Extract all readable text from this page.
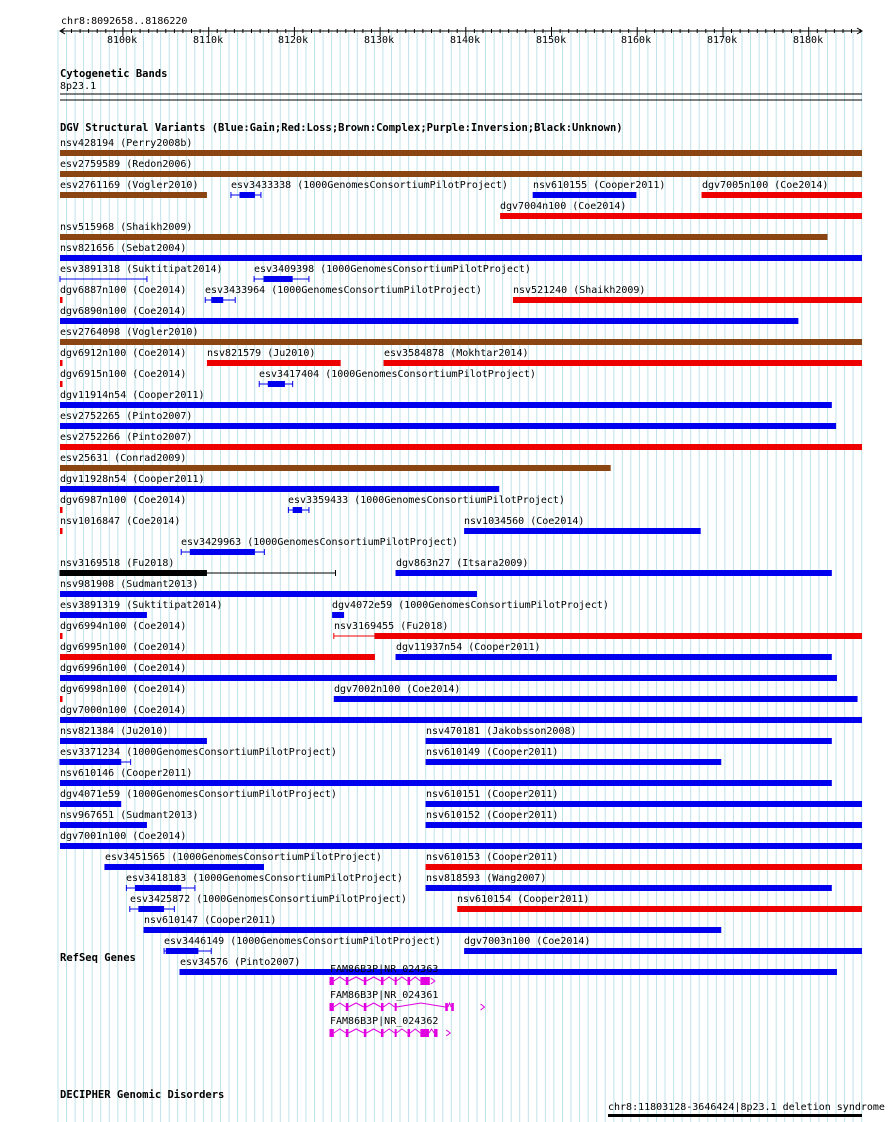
chr8:8092658..8186220
8100k	8110k	8120k	8130k	8140k	8150k	8160k	8170k	8180k
Cytogenetic Bands
8p23.1
DGV Structural Variants (Blue:Gain;Red:Loss;Brown:Complex;Purple:Inversion;Black:Unknown)
nsv428194 (Perry2008b)
esv2759589 (Redon2006)
esv2761169 (Vogler2010)	esv3433338 (1000GenomesConsortiumPilotProject)
dgv7004n100 (Coe2014)
nsv515968 (Shaikh2009)
nsv821656 (Sebat2004)
esv3891318 (Suktitipat2014)	esv3409398 (1000GenomesConsortiumPilotProject)
nsv610155 (Cooper2011)	dgv7005n100 (Coe2014)
dgv6887n100 (Coe2014) esv3433964 (1000GenomesConsortiumPilotProject)	nsv521240 (Shaikh2009)
dgv6890n100 (Coe2014)
esv2764098 (Vogler2010)
dgv6912n100 (Coe2014) nsv821579 (Ju2010)	esv3584878 (Mokhtar2014)
dgv6915n100 (Coe2014)	esv3417404 (1000GenomesConsortiumPilotProject)
dgv11914n54 (Cooper2011)
esv2752265 (Pinto2007)
esv2752266 (Pinto2007)
esv25631 (Conrad2009)
dgv11928n54 (Cooper2011)
dgv6987n100 (Coe2014)	esv3359433 (1000GenomesConsortiumPilotProject)
nsv1016847 (Coe2014)
esv3429963 (1000GenomesConsortiumPilotProject)
nsv1034560 (Coe2014)
nsv3169518 (Fu2018)	dgv863n27 (Itsara2009)
nsv981908 (Sudmant2013)
esv3891319 (Suktitipat2014)	dgv4072e59 (1000GenomesConsortiumPilotProject)
dgv6994n100 (Coe2014)	nsv3169455 (Fu2018)
dgv6995n100 (Coe2014)	dgv11937n54 (Cooper2011)
dgv6996n100 (Coe2014)
dgv6998n100 (Coe2014)	dgv7002n100 (Coe2014)
dgv7000n100 (Coe2014)
nsv821384 (Ju2010)	nsv470181 (Jakobsson2008)
esv3371234 (1000GenomesConsortiumPilotProject)	nsv610149 (Cooper2011)
nsv610146 (Cooper2011)
dgv4071e59 (1000GenomesConsortiumPilotProject)	nsv610151 (Cooper2011)
nsv967651 (Sudmant2013)	nsv610152 (Cooper2011)
dgv7001n100 (Coe2014)
esv3451565 (1000GenomesConsortiumPilotProject)	nsv610153 (Cooper2011)
esv3418183 (1000GenomesConsortiumPilotProject) nsv818593 (Wang2007)
esv3425872 (1000GenomesConsortiumPilotProject)	nsv610154 (Cooper2011)
nsv610147 (Cooper2011)
esv3446149 (1000GenomesConsortiumPilotProject) dgv7003n100 (Coe2014)
esv34576 (Pinto2007)
RefSeq Genes
FAM86B3P|NR_024363
FAM86B3P|NR_024361
FAM86B3P|NR_024362
DECIPHER Genomic Disorders
chr8:11803128-3646424|8p23.1 deletion syndrome
